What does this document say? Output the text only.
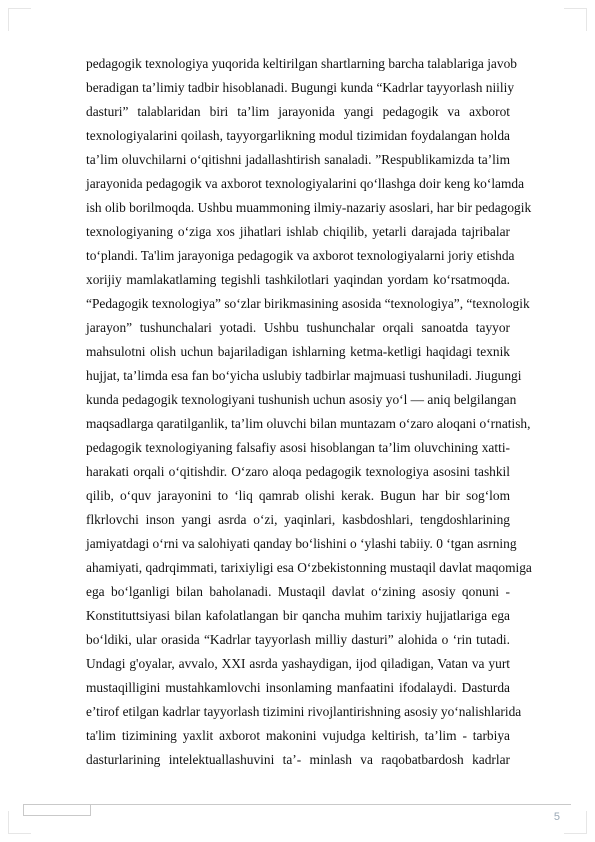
pedagogik texnologiya yuqorida keltirilgan shartlarning barcha talablariga javob
beradigan ta’limiy tadbir hisoblanadi. Bugungi kunda “Kadrlar tayyorlash niiliy
dasturi” talablaridan biri ta’lim jarayonida yangi pedagogik va axborot
texnologiyalarini qoilash, tayyorgarlikning modul tizimidan foydalangan holda
ta’lim oluvchilarni o‘qitishni jadallashtirish sanaladi. ”Respublikamizda ta’lim
jarayonida pedagogik va axborot texnologiyalarini qo‘llashga doir keng ko‘lamda
ish olib borilmoqda. Ushbu muammoning ilmiy-nazariy asoslari, har bir pedagogik
texnologiyaning o‘ziga xos jihatlari ishlab chiqilib, yetarli darajada tajribalar
to‘plandi. Ta'lim jarayoniga pedagogik va axborot texnologiyalarni joriy etishda
xorijiy mamlakatlaming tegishli tashkilotlari yaqindan yordam ko‘rsatmoqda.
“Pedagogik texnologiya” so‘zlar birikmasining asosida “texnologiya”, “texnologik
jarayon” tushunchalari yotadi. Ushbu tushunchalar orqali sanoatda tayyor
mahsulotni olish uchun bajariladigan ishlarning ketma-ketligi haqidagi texnik
hujjat, ta’limda esa fan bo‘yicha uslubiy tadbirlar majmuasi tushuniladi. Jiugungi
kunda pedagogik texnologiyani tushunish uchun asosiy yo‘l — aniq belgilangan
maqsadlarga qaratilganlik, ta’lim oluvchi bilan muntazam o‘zaro aloqani o‘rnatish,
pedagogik texnologiyaning falsafiy asosi hisoblangan ta’lim oluvchining xatti-
harakati orqali o‘qitishdir. O‘zaro aloqa pedagogik texnologiya asosini tashkil
qilib, o‘quv jarayonini to ‘liq qamrab olishi kerak. Bugun har bir sog‘lom
flkrlovchi inson yangi asrda o‘zi, yaqinlari, kasbdoshlari, tengdoshlarining
jamiyatdagi o‘rni va salohiyati qanday bo‘lishini o ‘ylashi tabiiy. 0 ‘tgan asrning
ahamiyati, qadrqimmati, tarixiyligi esa O‘zbekistonning mustaqil davlat maqomiga
ega bo‘lganligi bilan baholanadi. Mustaqil davlat o‘zining asosiy qonuni -
Konstituttsiyasi bilan kafolatlangan bir qancha muhim tarixiy hujjatlariga ega
bo‘ldiki, ular orasida “Kadrlar tayyorlash milliy dasturi” alohida o ‘rin tutadi.
Undagi g'oyalar, avvalo, XXI asrda yashaydigan, ijod qiladigan, Vatan va yurt
mustaqilligini mustahkamlovchi insonlaming manfaatini ifodalaydi. Dasturda
e’tirof etilgan kadrlar tayyorlash tizimini rivojlantirishning asosiy yo‘nalishlarida
ta'lim tizimining yaxlit axborot makonini vujudga keltirish, ta’lim - tarbiya
dasturlarining intelektuallashuvini ta’- minlash va raqobatbardosh kadrlar
5
